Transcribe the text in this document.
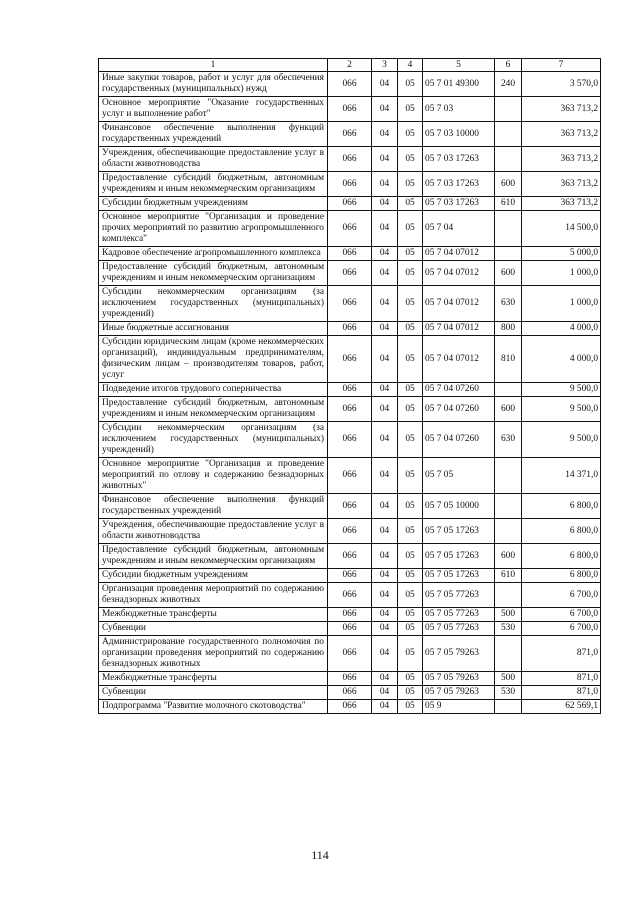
1	2	3	4	5	6	7
Иные закупки товаров, работ и услуг для обеспечения государственных (муниципальных) нужд	066	04	05	05 7 01 49300	240	3 570,0
Основное мероприятие "Оказание государственных услуг и выполнение работ"	066	04	05	05 7 03		363 713,2
Финансовое обеспечение выполнения функций государственных учреждений	066	04	05	05 7 03 10000		363 713,2
Учреждения, обеспечивающие предоставление услуг в области животноводства	066	04	05	05 7 03 17263		363 713,2
Предоставление субсидий бюджетным, автономным учреждениям и иным некоммерческим организациям	066	04	05	05 7 03 17263	600	363 713,2
Субсидии бюджетным учреждениям	066	04	05	05 7 03 17263	610	363 713,2
Основное мероприятие "Организация и проведение прочих мероприятий по развитию агропромышленного комплекса"	066	04	05	05 7 04		14 500,0
Кадровое обеспечение агропромышленного комплекса	066	04	05	05 7 04 07012		5 000,0
Предоставление субсидий бюджетным, автономным учреждениям и иным некоммерческим организациям	066	04	05	05 7 04 07012	600	1 000,0
Субсидии некоммерческим организациям (за исключением государственных (муниципальных) учреждений)	066	04	05	05 7 04 07012	630	1 000,0
Иные бюджетные ассигнования	066	04	05	05 7 04 07012	800	4 000,0
Субсидии юридическим лицам (кроме некоммерческих организаций), индивидуальным предпринимателям, физическим лицам – производителям товаров, работ, услуг	066	04	05	05 7 04 07012	810	4 000,0
Подведение итогов трудового соперничества	066	04	05	05 7 04 07260		9 500,0
Предоставление субсидий бюджетным, автономным учреждениям и иным некоммерческим организациям	066	04	05	05 7 04 07260	600	9 500,0
Субсидии некоммерческим организациям (за исключением государственных (муниципальных) учреждений)	066	04	05	05 7 04 07260	630	9 500,0
Основное мероприятие "Организация и проведение мероприятий по отлову и содержанию безнадзорных животных"	066	04	05	05 7 05		14 371,0
Финансовое обеспечение выполнения функций государственных учреждений	066	04	05	05 7 05 10000		6 800,0
Учреждения, обеспечивающие предоставление услуг в области животноводства	066	04	05	05 7 05 17263		6 800,0
Предоставление субсидий бюджетным, автономным учреждениям и иным некоммерческим организациям	066	04	05	05 7 05 17263	600	6 800,0
Субсидии бюджетным учреждениям	066	04	05	05 7 05 17263	610	6 800,0
Организация проведения мероприятий по содержанию безнадзорных животных	066	04	05	05 7 05 77263		6 700,0
Межбюджетные трансферты	066	04	05	05 7 05 77263	500	6 700,0
Субвенции	066	04	05	05 7 05 77263	530	6 700,0
Администрирование государственного полномочия по организации проведения мероприятий по содержанию безнадзорных животных	066	04	05	05 7 05 79263		871,0
Межбюджетные трансферты	066	04	05	05 7 05 79263	500	871,0
Субвенции	066	04	05	05 7 05 79263	530	871,0
Подпрограмма "Развитие молочного скотоводства"	066	04	05	05 9		62 569,1
114
